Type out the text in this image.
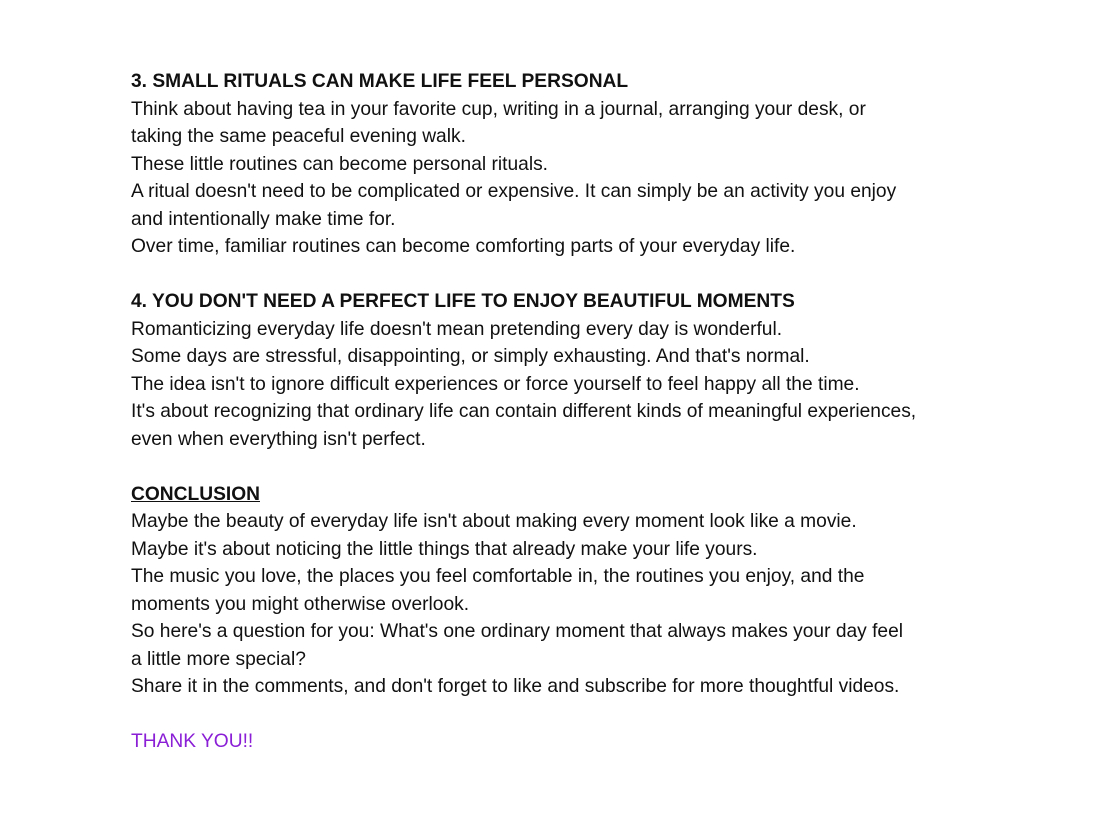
3. SMALL RITUALS CAN MAKE LIFE FEEL PERSONAL

Think about having tea in your favorite cup, writing in a journal, arranging your desk, or

taking the same peaceful evening walk.

These little routines can become personal rituals.

A ritual doesn't need to be complicated or expensive. It can simply be an activity you enjoy

and intentionally make time for.

Over time, familiar routines can become comforting parts of your everyday life.

4. YOU DON'T NEED A PERFECT LIFE TO ENJOY BEAUTIFUL MOMENTS

Romanticizing everyday life doesn't mean pretending every day is wonderful.

Some days are stressful, disappointing, or simply exhausting. And that's normal.

The idea isn't to ignore difficult experiences or force yourself to feel happy all the time.

It's about recognizing that ordinary life can contain different kinds of meaningful experiences,

even when everything isn't perfect.

CONCLUSION

Maybe the beauty of everyday life isn't about making every moment look like a movie.

Maybe it's about noticing the little things that already make your life yours.

The music you love, the places you feel comfortable in, the routines you enjoy, and the

moments you might otherwise overlook.

So here's a question for you: What's one ordinary moment that always makes your day feel

a little more special?

Share it in the comments, and don't forget to like and subscribe for more thoughtful videos.

THANK YOU!!
